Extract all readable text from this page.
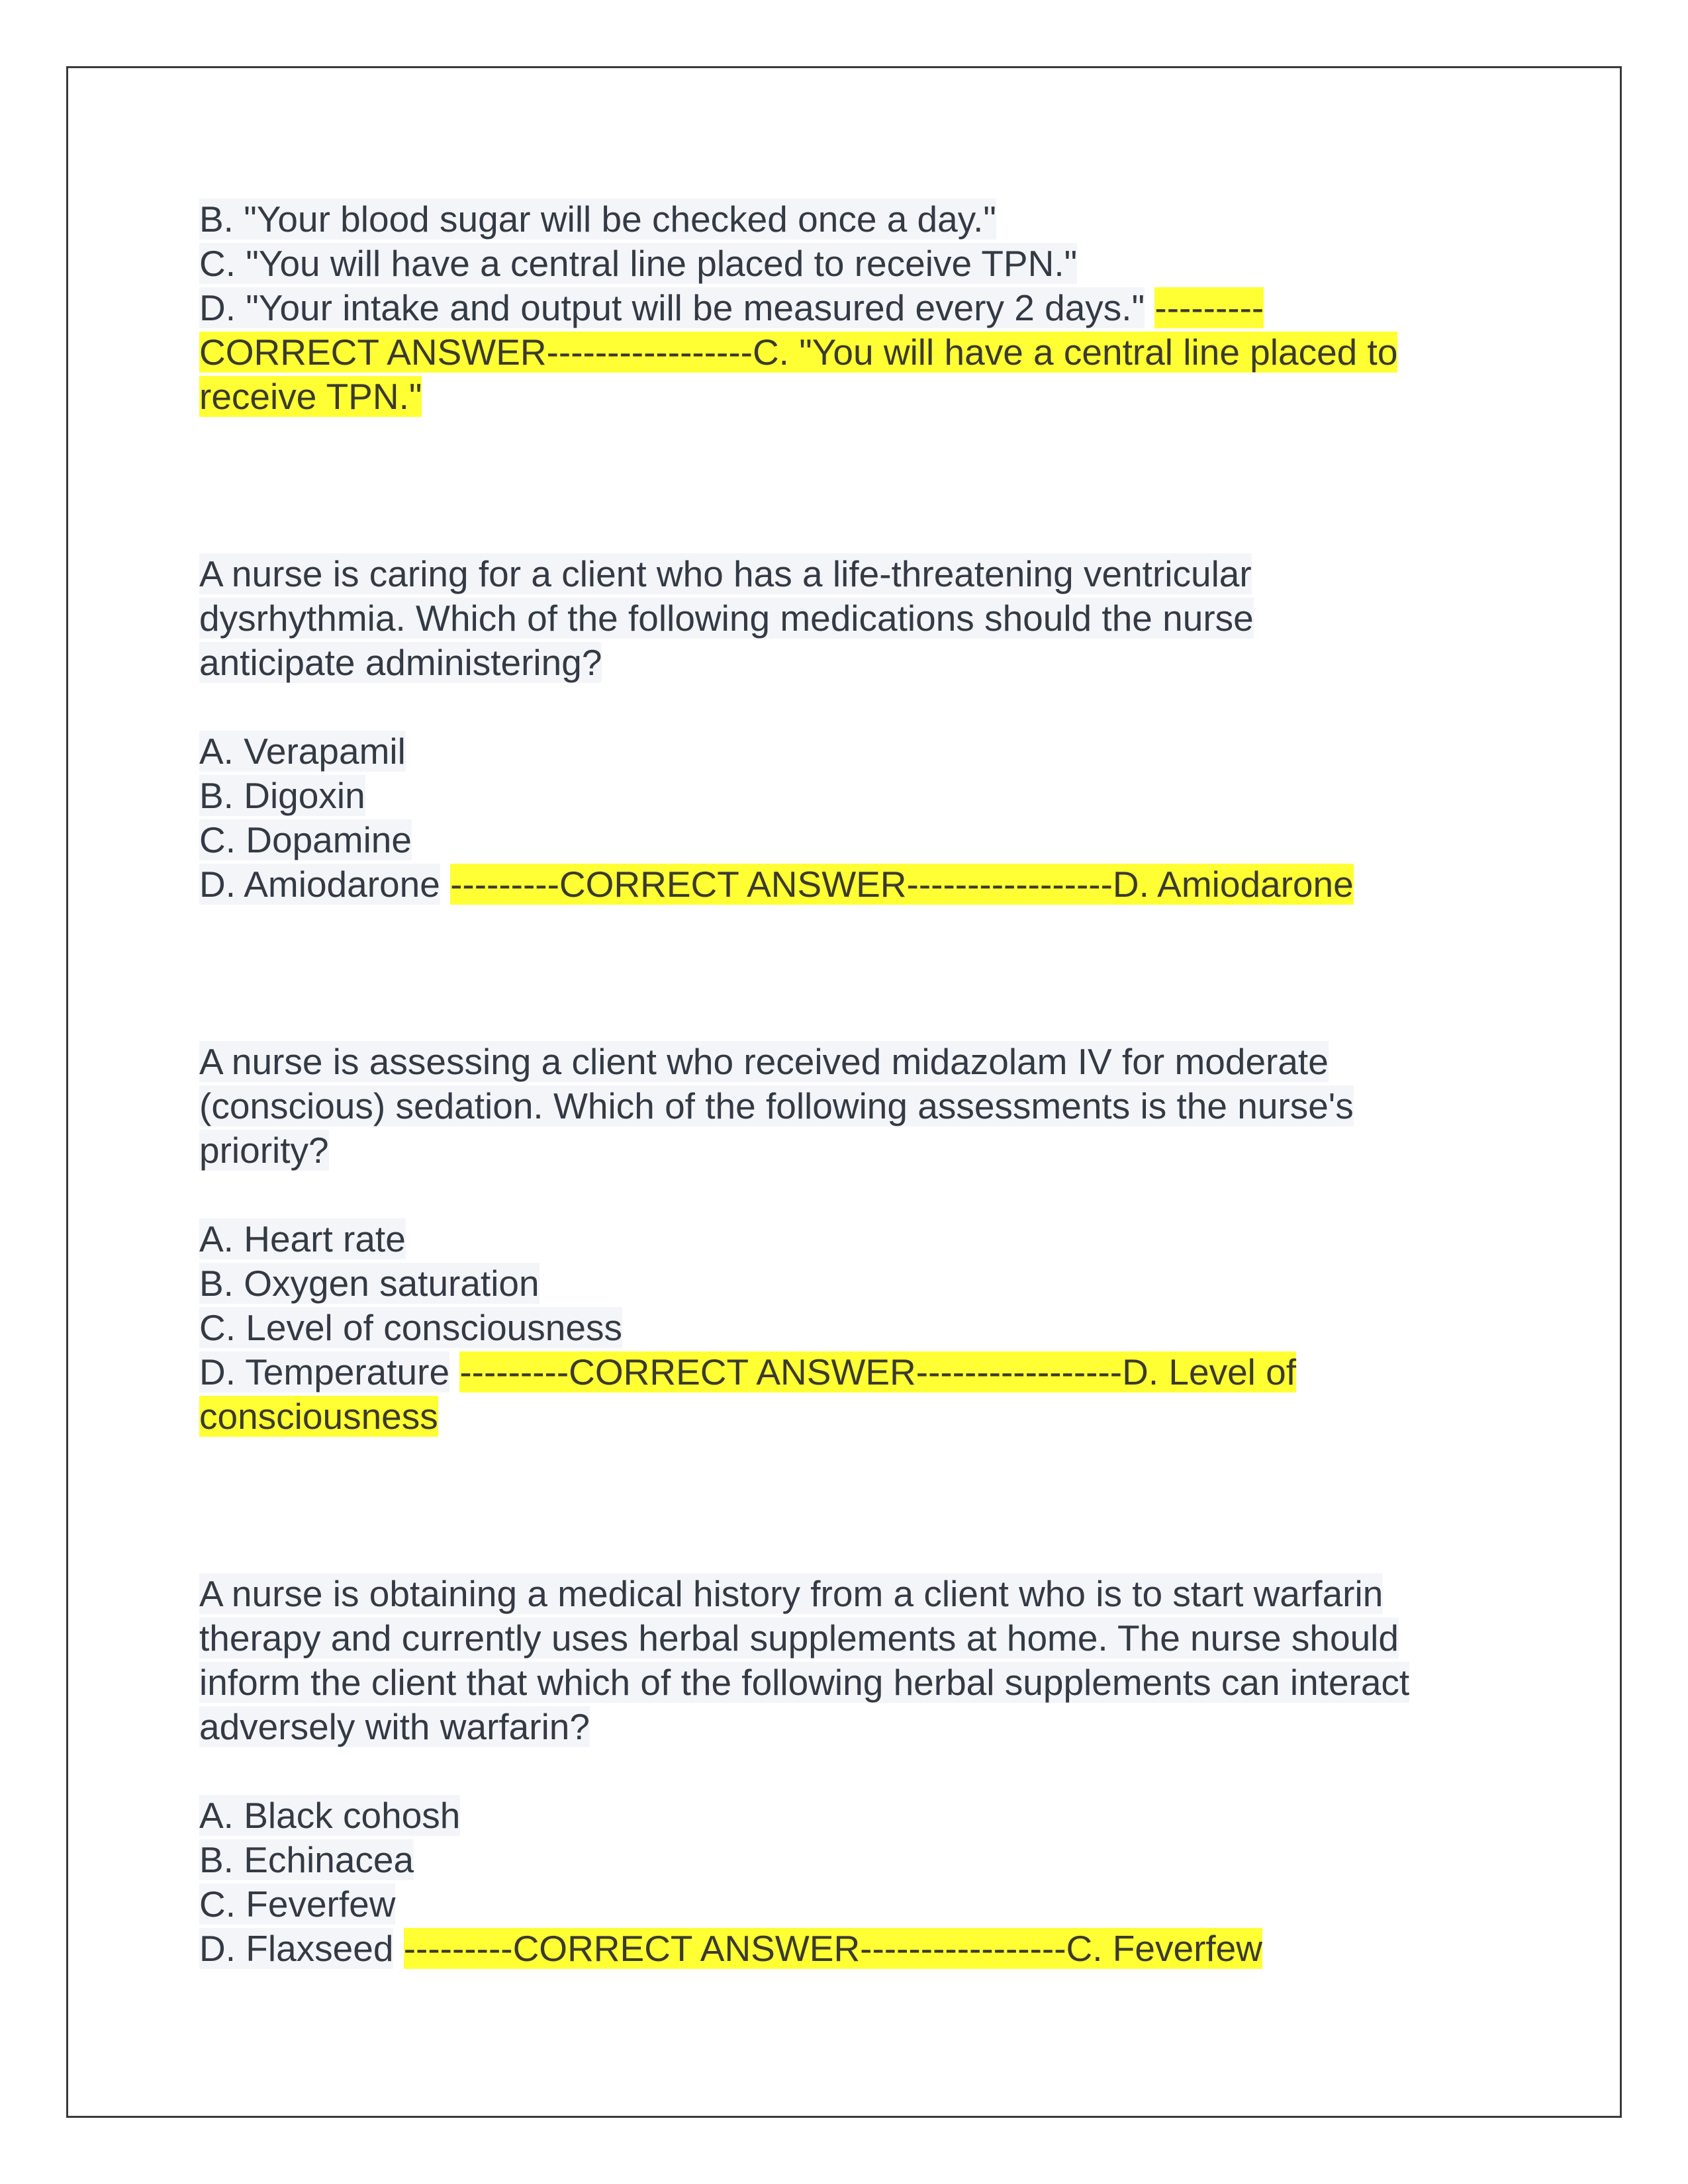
B. "Your blood sugar will be checked once a day."
C. "You will have a central line placed to receive TPN."
D. "Your intake and output will be measured every 2 days." ---------
CORRECT ANSWER-----------------C. "You will have a central line placed to
receive TPN."
A nurse is caring for a client who has a life-threatening ventricular
dysrhythmia. Which of the following medications should the nurse
anticipate administering?
A. Verapamil
B. Digoxin
C. Dopamine
D. Amiodarone ---------CORRECT ANSWER-----------------D. Amiodarone
A nurse is assessing a client who received midazolam IV for moderate
(conscious) sedation. Which of the following assessments is the nurse's
priority?
A. Heart rate
B. Oxygen saturation
C. Level of consciousness
D. Temperature ---------CORRECT ANSWER-----------------D. Level of
consciousness
A nurse is obtaining a medical history from a client who is to start warfarin
therapy and currently uses herbal supplements at home. The nurse should
inform the client that which of the following herbal supplements can interact
adversely with warfarin?
A. Black cohosh
B. Echinacea
C. Feverfew
D. Flaxseed ---------CORRECT ANSWER-----------------C. Feverfew
